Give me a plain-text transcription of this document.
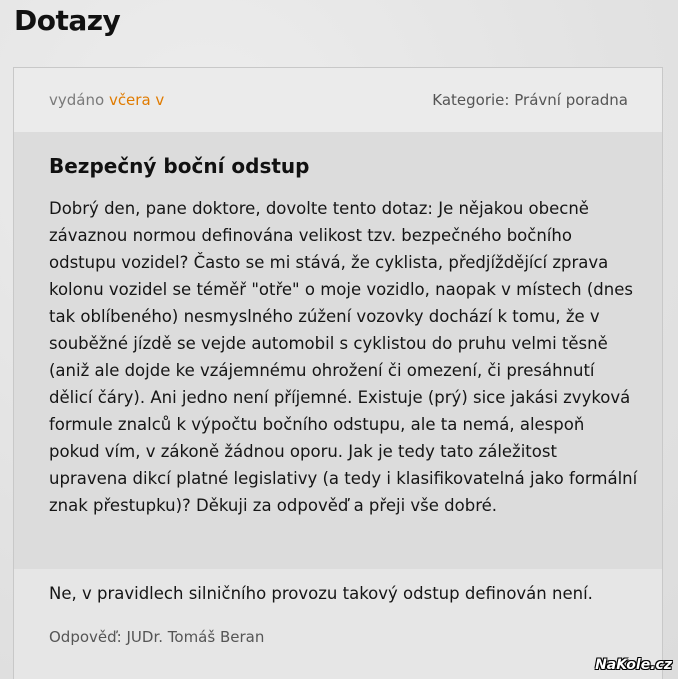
Dotazy
vydáno včera v	Kategorie: Právní poradna
Bezpečný boční odstup

Dobrý den, pane doktore, dovolte tento dotaz: Je nějakou obecně závaznou normou definována velikost tzv. bezpečného bočního odstupu vozidel? Často se mi stává, že cyklista, předjíždějící zprava kolonu vozidel se téměř "otře" o moje vozidlo, naopak v místech (dnes tak oblíbeného) nesmyslného zúžení vozovky dochází k tomu, že v souběžné jízdě se vejde automobil s cyklistou do pruhu velmi těsně (aniž ale dojde ke vzájemnému ohrožení či omezení, či presáhnutí dělicí čáry). Ani jedno není příjemné. Existuje (prý) sice jakási zvyková formule znalců k výpočtu bočního odstupu, ale ta nemá, alespoň pokud vím, v zákoně žádnou oporu. Jak je tedy tato záležitost upravena dikcí platné legislativy (a tedy i klasifikovatelná jako formální znak přestupku)? Děkuji za odpověď a přeji vše dobré.

Ne, v pravidlech silničního provozu takový odstup definován není.

Odpověď: JUDr. Tomáš Beran
NaKole.cz
